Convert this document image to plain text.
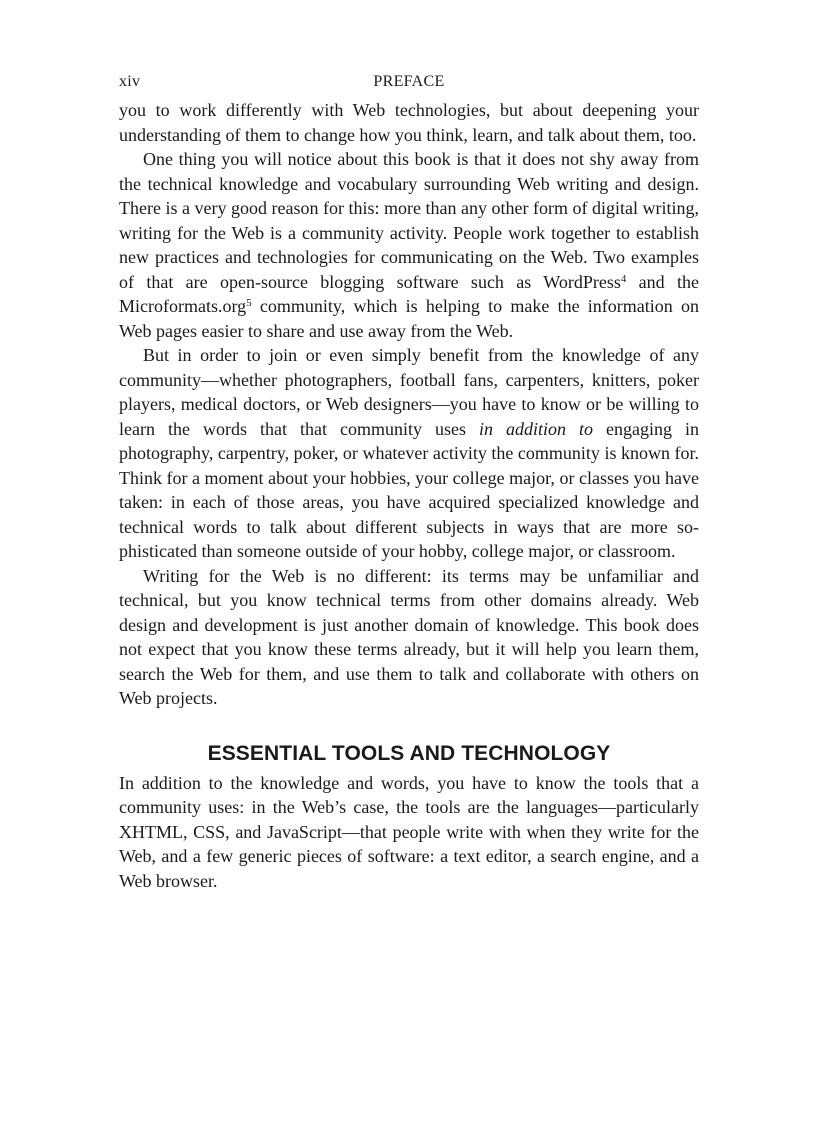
xiv	PREFACE

you to work differently with Web technologies, but about deepening your understanding of them to change how you think, learn, and talk about them, too.

One thing you will notice about this book is that it does not shy away from the technical knowledge and vocabulary surrounding Web writing and design. There is a very good reason for this: more than any other form of digital writing, writing for the Web is a community activity. People work together to establish new practices and technologies for communicating on the Web. Two examples of that are open-source blogging software such as WordPress$^4$ and the Microformats.org$^5$ community, which is helping to make the information on Web pages easier to share and use away from the Web.

But in order to join or even simply benefit from the knowledge of any community—whether photographers, football fans, carpenters, knitters, poker players, medical doctors, or Web designers—you have to know or be willing to learn the words that that community uses in addition to engaging in photography, carpentry, poker, or whatever activity the community is known for. Think for a moment about your hobbies, your college major, or classes you have taken: in each of those areas, you have acquired specialized knowledge and technical words to talk about different subjects in ways that are more sophisticated than someone outside of your hobby, college major, or classroom.

Writing for the Web is no different: its terms may be unfamiliar and technical, but you know technical terms from other domains already. Web design and development is just another domain of knowledge. This book does not expect that you know these terms already, but it will help you learn them, search the Web for them, and use them to talk and collaborate with others on Web projects.

ESSENTIAL TOOLS AND TECHNOLOGY

In addition to the knowledge and words, you have to know the tools that a community uses: in the Web’s case, the tools are the languages—particularly XHTML, CSS, and JavaScript—that people write with when they write for the Web, and a few generic pieces of software: a text editor, a search engine, and a Web browser.
